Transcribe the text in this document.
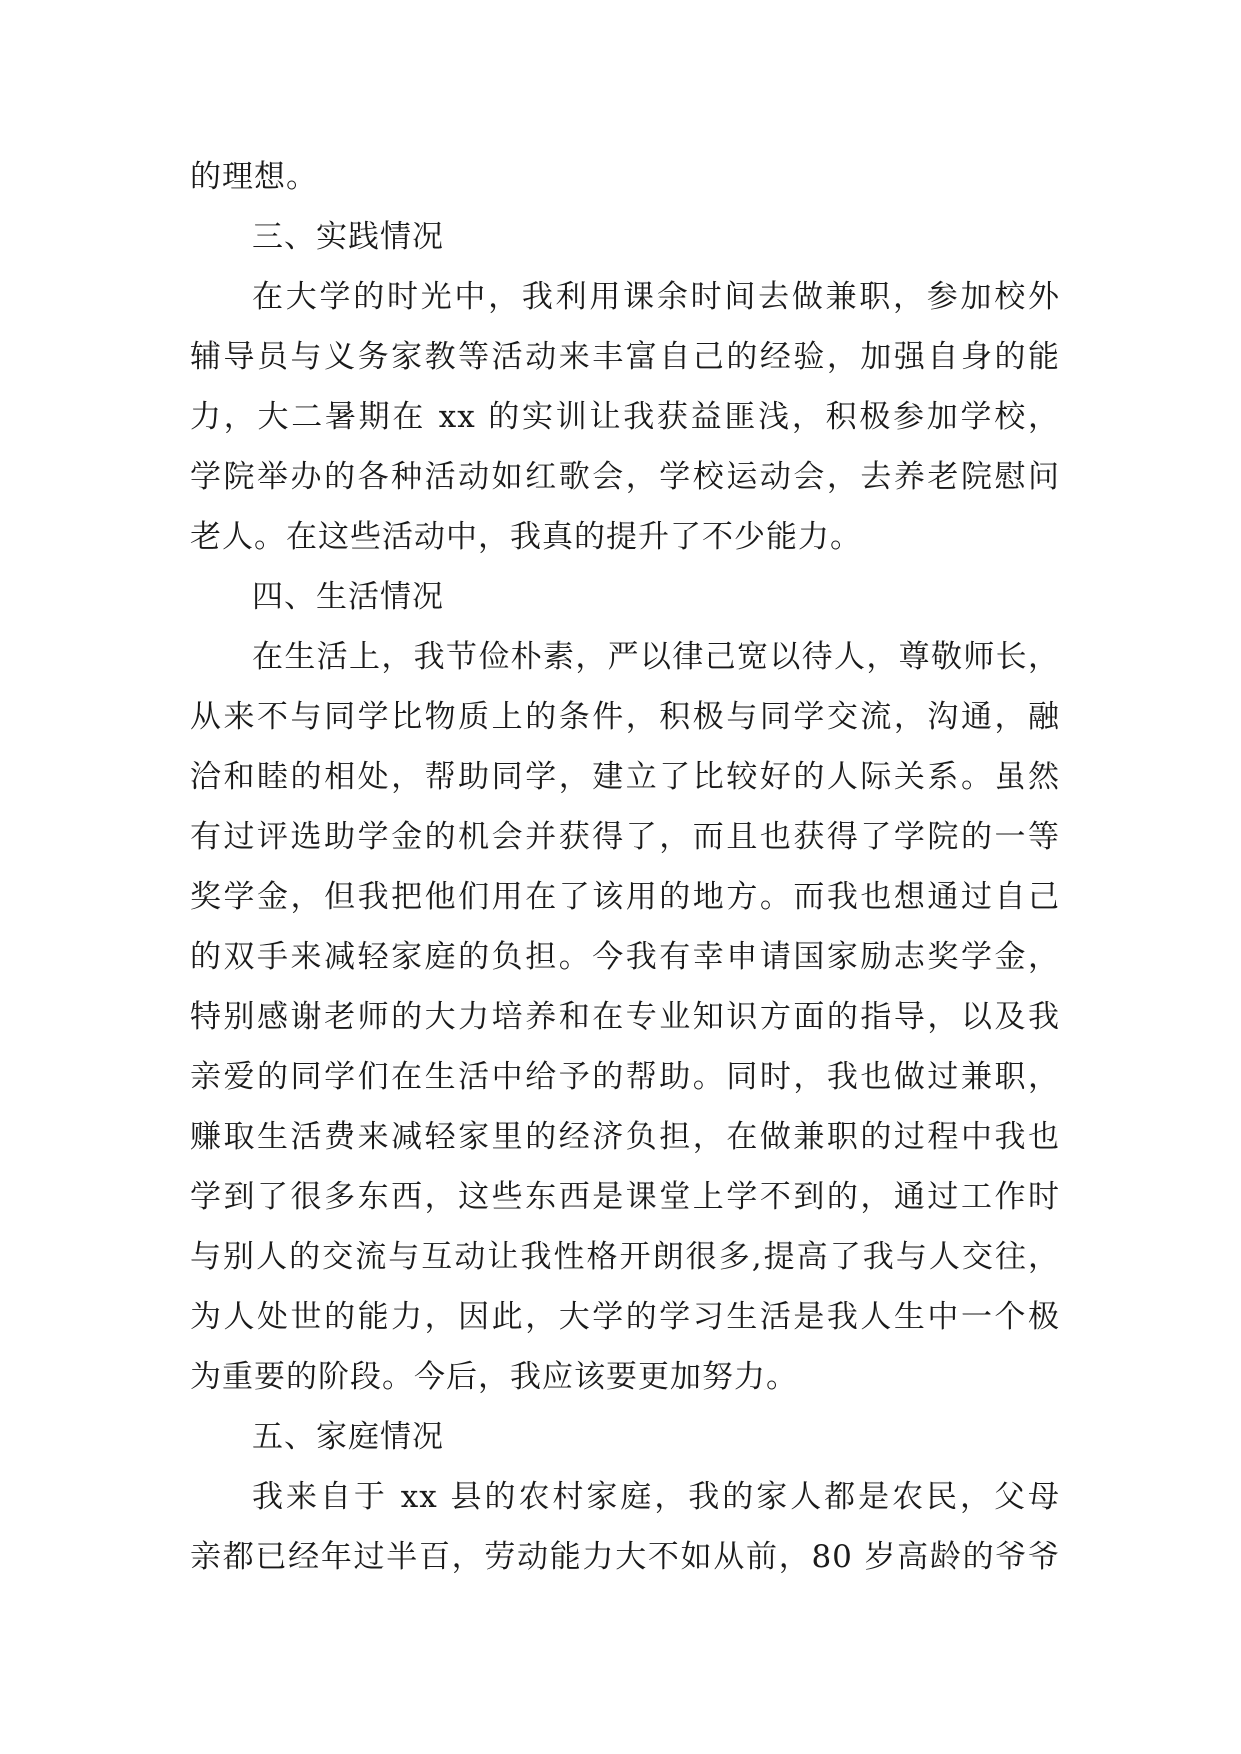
的理想。
三、实践情况
在大学的时光中，我利用课余时间去做兼职，参加校外
辅导员与义务家教等活动来丰富自己的经验，加强自身的能
力，大二暑期在 xx 的实训让我获益匪浅，积极参加学校，
学院举办的各种活动如红歌会，学校运动会，去养老院慰问
老人。在这些活动中，我真的提升了不少能力。
四、生活情况
在生活上，我节俭朴素，严以律己宽以待人，尊敬师长，
从来不与同学比物质上的条件，积极与同学交流，沟通，融
洽和睦的相处，帮助同学，建立了比较好的人际关系。虽然
有过评选助学金的机会并获得了，而且也获得了学院的一等
奖学金，但我把他们用在了该用的地方。而我也想通过自己
的双手来减轻家庭的负担。今我有幸申请国家励志奖学金，
特别感谢老师的大力培养和在专业知识方面的指导，以及我
亲爱的同学们在生活中给予的帮助。同时，我也做过兼职，
赚取生活费来减轻家里的经济负担，在做兼职的过程中我也
学到了很多东西，这些东西是课堂上学不到的，通过工作时
与别人的交流与互动让我性格开朗很多,提高了我与人交往，
为人处世的能力，因此，大学的学习生活是我人生中一个极
为重要的阶段。今后，我应该要更加努力。
五、家庭情况
我来自于 xx 县的农村家庭，我的家人都是农民，父母
亲都已经年过半百，劳动能力大不如从前，80 岁高龄的爷爷
